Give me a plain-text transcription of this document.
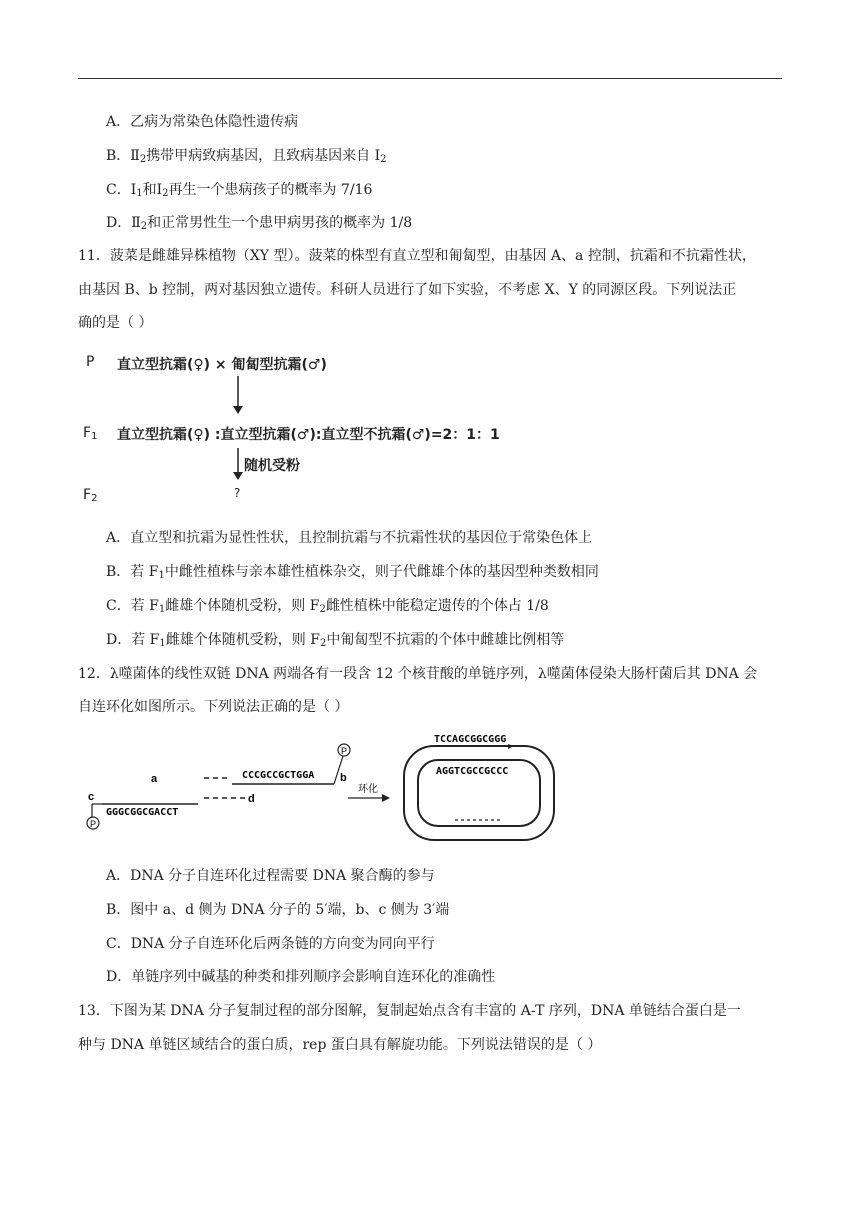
A．乙病为常染色体隐性遗传病
B．$Ⅱ_2$携带甲病致病基因，且致病基因来自 $I_2$
C．$Ⅰ_1$和$Ⅰ_2$再生一个患病孩子的概率为 7/16
D．$Ⅱ_2$和正常男性生一个患甲病男孩的概率为 1/8
11．菠菜是雌雄异株植物（XY 型）。菠菜的株型有直立型和匍匐型，由基因 A、a 控制，抗霜和不抗霜性状，
由基因 B、b 控制，两对基因独立遗传。科研人员进行了如下实验，不考虑 X、Y 的同源区段。下列说法正
确的是（ ）
P 直立型抗霜(♀) × 匍匐型抗霜(♂)
$F_1$ 直立型抗霜(♀) :直立型抗霜(♂):直立型不抗霜(♂)=2：1：1
随机受粉
$F_2$	?
A．直立型和抗霜为显性性状，且控制抗霜与不抗霜性状的基因位于常染色体上
B．若 $F_1$中雌性植株与亲本雄性植株杂交，则子代雌雄个体的基因型种类数相同
C．若 $F_1$雌雄个体随机受粉，则 $F_2$雌性植株中能稳定遗传的个体占 1/8
D．若 $F_1$雌雄个体随机受粉，则 $F_2$中匍匐型不抗霜的个体中雌雄比例相等
12．λ噬菌体的线性双链 DNA 两端各有一段含 12 个核苷酸的单链序列，λ噬菌体侵染大肠杆菌后其 DNA 会
自连环化如图所示。下列说法正确的是（ ）
P
a	CCCGCCGCTGGA b
P
c
GGGCGGCGACCT
d
环化
TCCAGCGGCGGG
AGGTCGCCGCCC
A．DNA 分子自连环化过程需要 DNA 聚合酶的参与
B．图中 a、d 侧为 DNA 分子的 5′端，b、c 侧为 3′端
C．DNA 分子自连环化后两条链的方向变为同向平行
D．单链序列中碱基的种类和排列顺序会影响自连环化的准确性
13．下图为某 DNA 分子复制过程的部分图解，复制起始点含有丰富的 A-T 序列，DNA 单链结合蛋白是一
种与 DNA 单链区域结合的蛋白质，rep 蛋白具有解旋功能。下列说法错误的是（ ）
